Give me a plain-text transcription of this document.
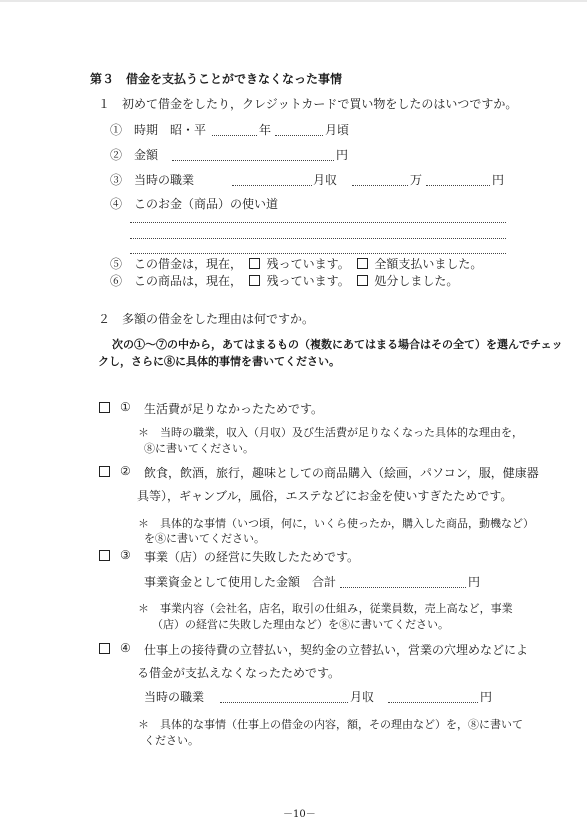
第３　借金を支払うことができなくなった事情
１　初めて借金をしたり，クレジットカードで買い物をしたのはいつですか。
①　時期　昭・平	年	月頃
②　金額	円
③　当時の職業	月収	万	円
④　このお金（商品）の使い道
⑤　この借金は，現在， 残っています。 全額支払いました。
⑥　この商品は，現在， 残っています。 処分しました。
２　多額の借金をした理由は何ですか。
次の①～⑦の中から，あてはまるもの（複数にあてはまる場合はその全て）を選んでチェッ
クし，さらに⑧に具体的事情を書いてください。
① 生活費が足りなかったためです。
＊　当時の職業，収入（月収）及び生活費が足りなくなった具体的な理由を，
⑧に書いてください。
② 飲食，飲酒，旅行，趣味としての商品購入（絵画，パソコン，服，健康器
具等），ギャンブル，風俗，エステなどにお金を使いすぎたためです。
＊　具体的な事情（いつ頃，何に，いくら使ったか，購入した商品，動機など）
を⑧に書いてください。
③ 事業（店）の経営に失敗したためです。
事業資金として使用した金額　合計	円
＊　事業内容（会社名，店名，取引の仕組み，従業員数，売上高など，事業
（店）の経営に失敗した理由など）を⑧に書いてください。
④ 仕事上の接待費の立替払い，契約金の立替払い，営業の穴埋めなどによ
る借金が支払えなくなったためです。
当時の職業	月収	円
＊　具体的な事情（仕事上の借金の内容，額，その理由など）を，⑧に書いて
ください。
－10－
